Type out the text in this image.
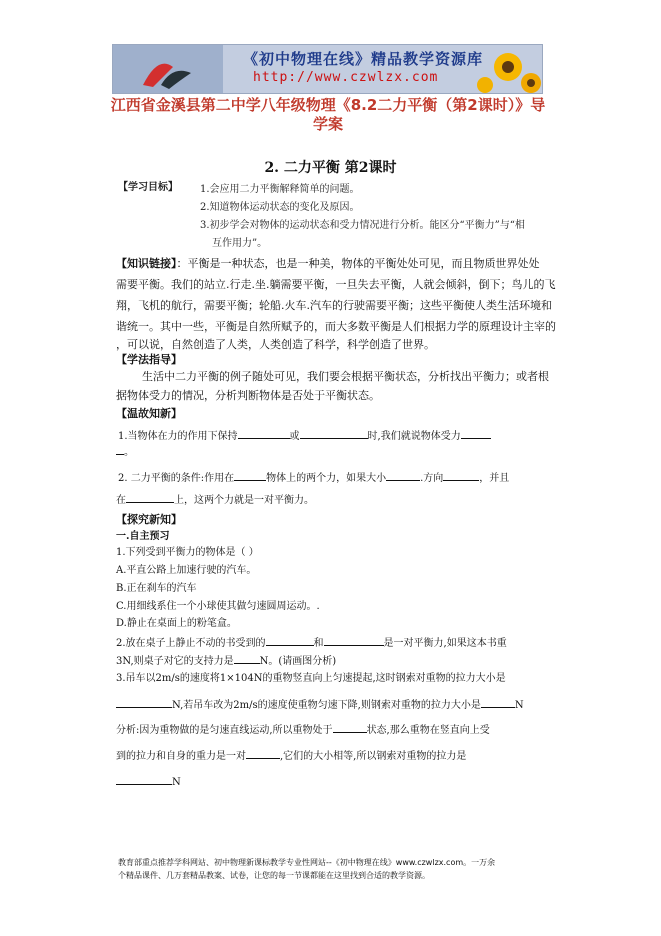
《初中物理在线》精品教学资源库
http://www.czwlzx.com
江西省金溪县第二中学八年级物理《8.2二力平衡（第2课时）》导
学案
2. 二力平衡 第2课时
【学习目标】 1.会应用二力平衡解释简单的问题。
2.知道物体运动状态的变化及原因。
3.初步学会对物体的运动状态和受力情况进行分析。能区分“平衡力”与“相
互作用力”。
【知识链接】：平衡是一种状态，也是一种美，物体的平衡处处可见，而且物质世界处处
需要平衡。我们的站立.行走.坐.躺需要平衡，一旦失去平衡，人就会倾斜，倒下；鸟儿的飞
翔，飞机的航行，需要平衡；轮船.火车.汽车的行驶需要平衡；这些平衡使人类生活环境和
谐统一。其中一些，平衡是自然所赋予的，而大多数平衡是人们根据力学的原理设计主宰的
，可以说，自然创造了人类，人类创造了科学，科学创造了世界。
【学法指导】
生活中二力平衡的例子随处可见，我们要会根据平衡状态，分析找出平衡力；或者根
据物体受力的情况，分析判断物体是否处于平衡状态。
【温故知新】
1.当物体在力的作用下保持	或	时,我们就说物体受力
。
2. 二力平衡的条件:作用在	物体上的两个力，如果大小	.方向	，并且
在	上，这两个力就是一对平衡力。
【探究新知】
一.自主预习
1.下列受到平衡力的物体是（ ）
A.平直公路上加速行驶的汽车。
B.正在刹车的汽车
C.用细线系住一个小球使其做匀速圆周运动。.
D.静止在桌面上的粉笔盒。
2.放在桌子上静止不动的书受到的	和	是一对平衡力,如果这本书重
3N,则桌子对它的支持力是	N。(请画图分析)
3.吊车以2m/s的速度将1×104N的重物竖直向上匀速提起,这时钢索对重物的拉力大小是
N,若吊车改为2m/s的速度使重物匀速下降,则钢索对重物的拉力大小是	N
分析:因为重物做的是匀速直线运动,所以重物处于	状态,那么重物在竖直向上受
到的拉力和自身的重力是一对	,它们的大小相等,所以钢索对重物的拉力是
N
教育部重点推荐学科网站、初中物理新课标教学专业性网站--《初中物理在线》www.czwlzx.com。一万余
个精品课件、几万套精品教案、试卷，让您的每一节课都能在这里找到合适的教学资源。
